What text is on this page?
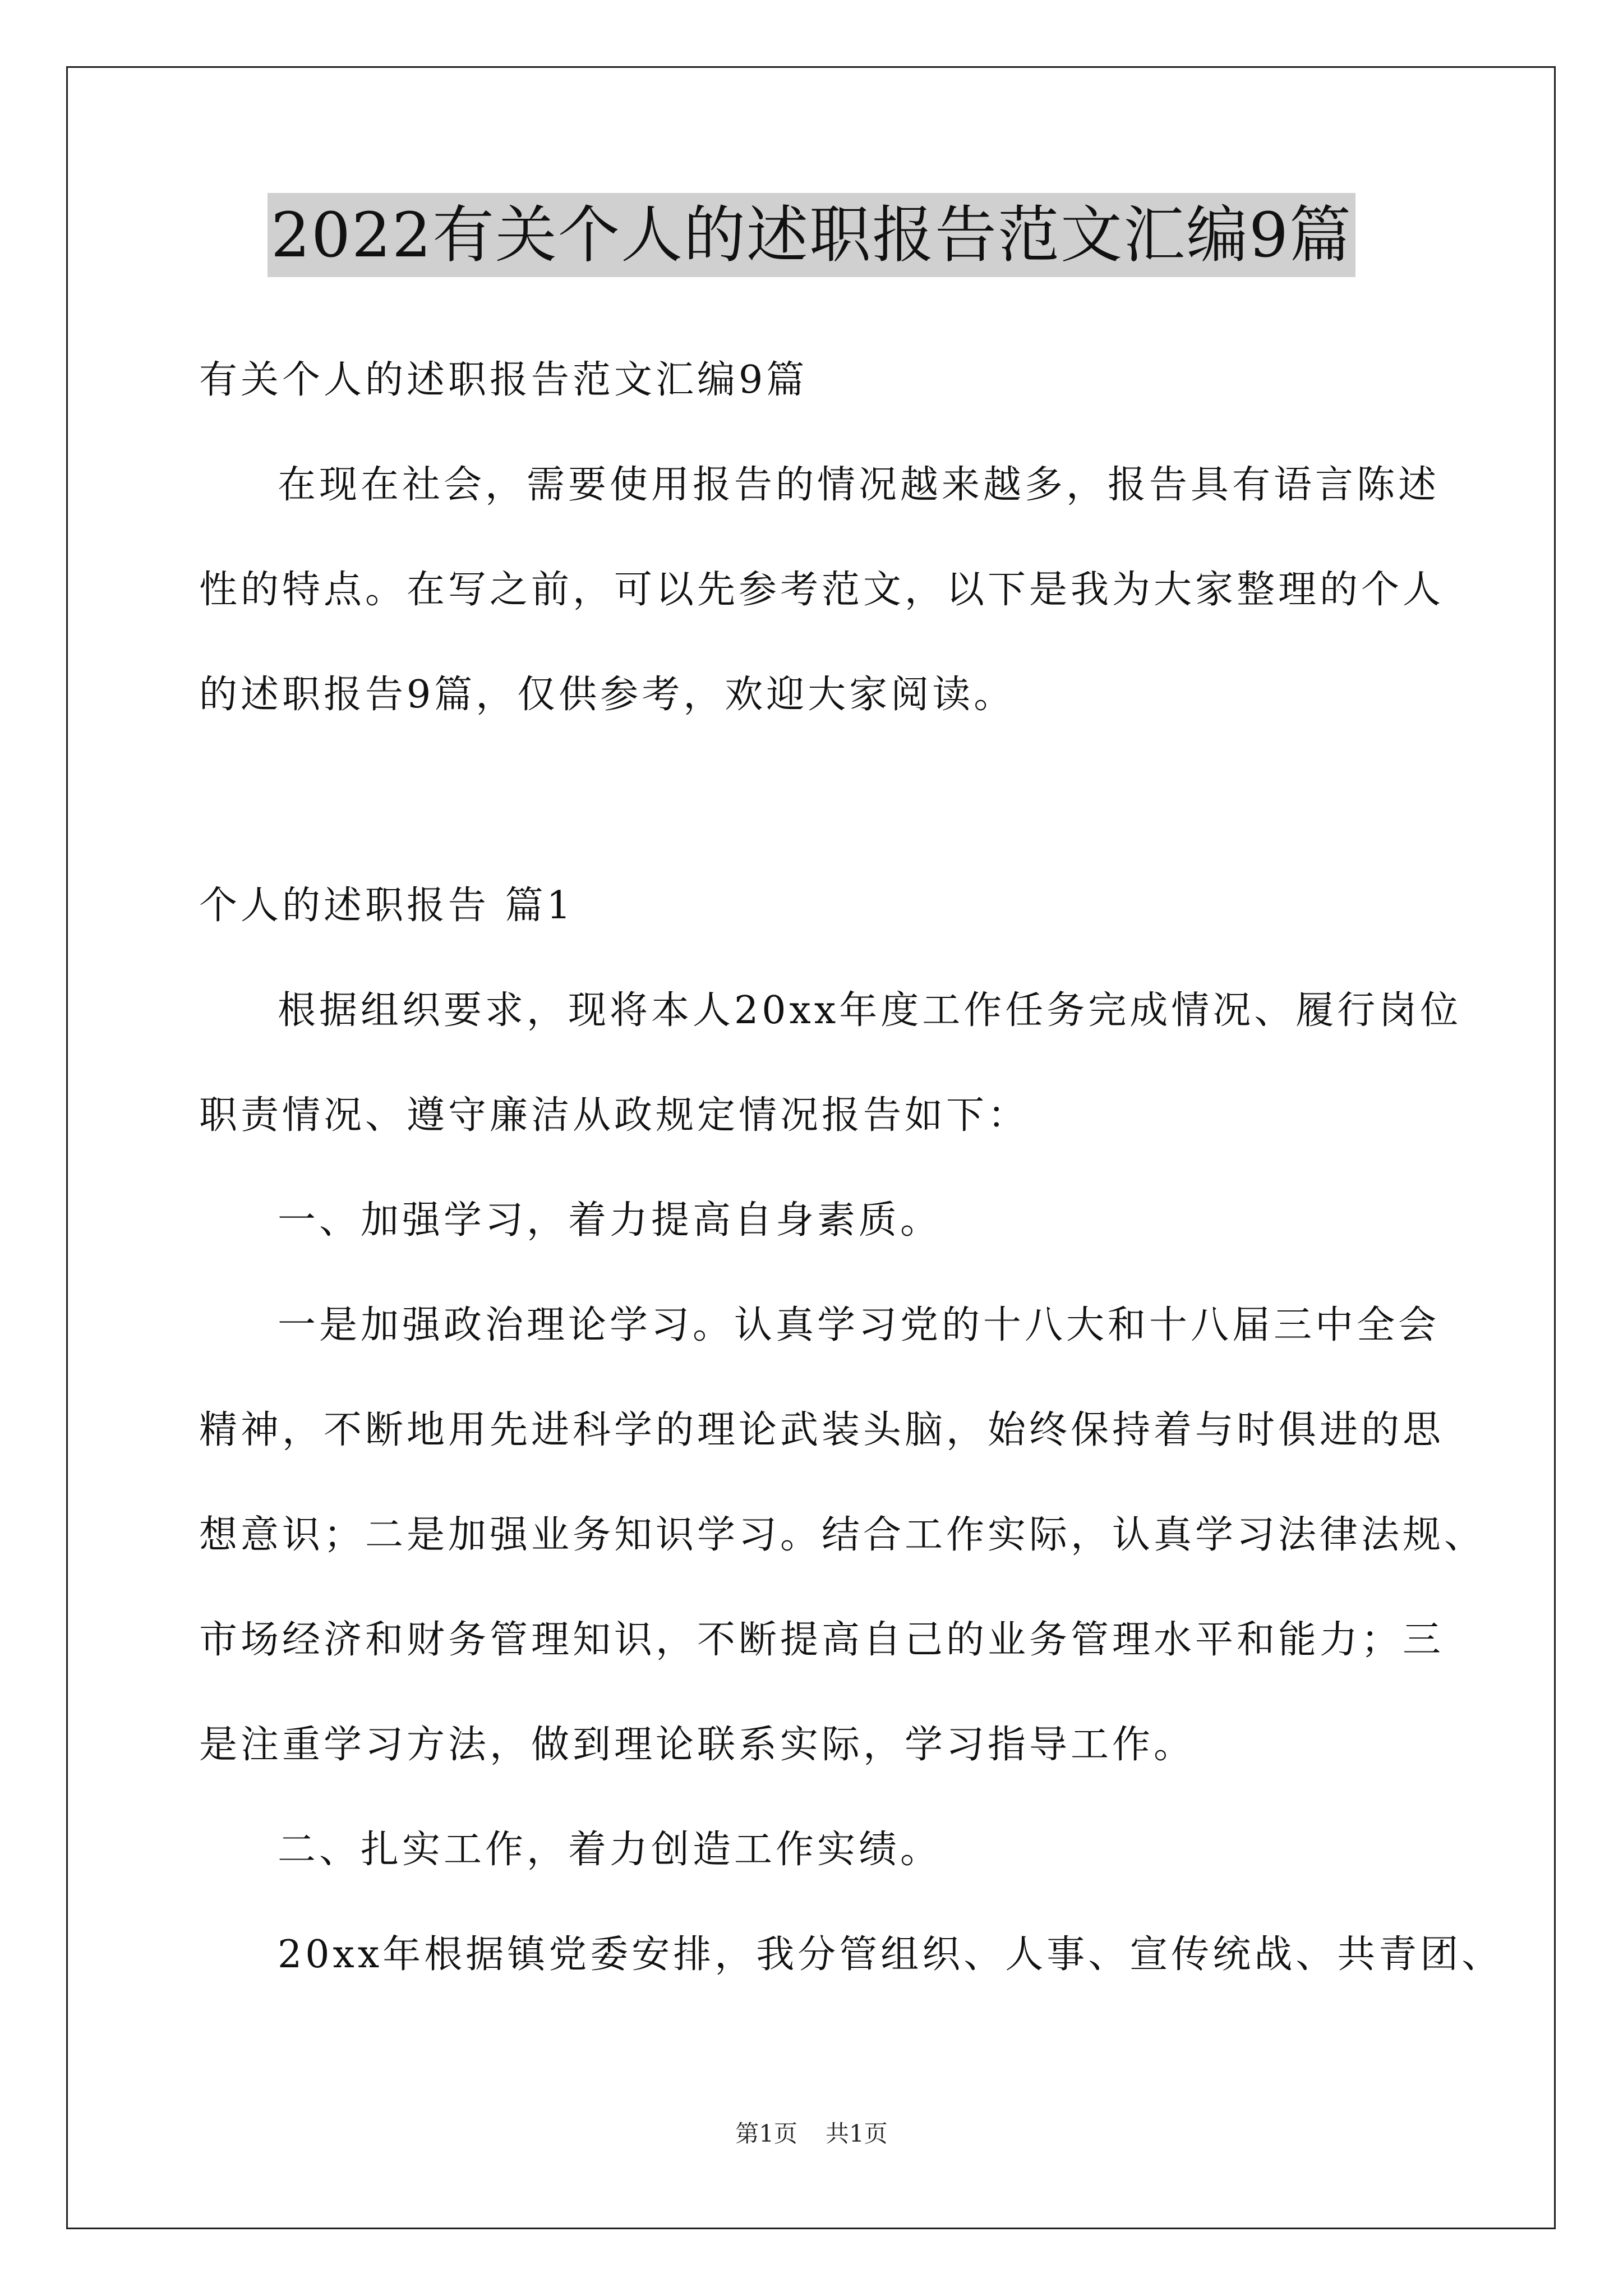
2022有关个人的述职报告范文汇编9篇
有关个人的述职报告范文汇编9篇
在现在社会，需要使用报告的情况越来越多，报告具有语言陈述
性的特点。在写之前，可以先参考范文，以下是我为大家整理的个人
的述职报告9篇，仅供参考，欢迎大家阅读。
个人的述职报告 篇1
根据组织要求，现将本人20xx年度工作任务完成情况、履行岗位
职责情况、遵守廉洁从政规定情况报告如下：
一、加强学习，着力提高自身素质。
一是加强政治理论学习。认真学习党的十八大和十八届三中全会
精神，不断地用先进科学的理论武装头脑，始终保持着与时俱进的思
想意识；二是加强业务知识学习。结合工作实际，认真学习法律法规、
市场经济和财务管理知识，不断提高自己的业务管理水平和能力；三
是注重学习方法，做到理论联系实际，学习指导工作。
二、扎实工作，着力创造工作实绩。
20xx年根据镇党委安排，我分管组织、人事、宣传统战、共青团、
第1页 共1页
